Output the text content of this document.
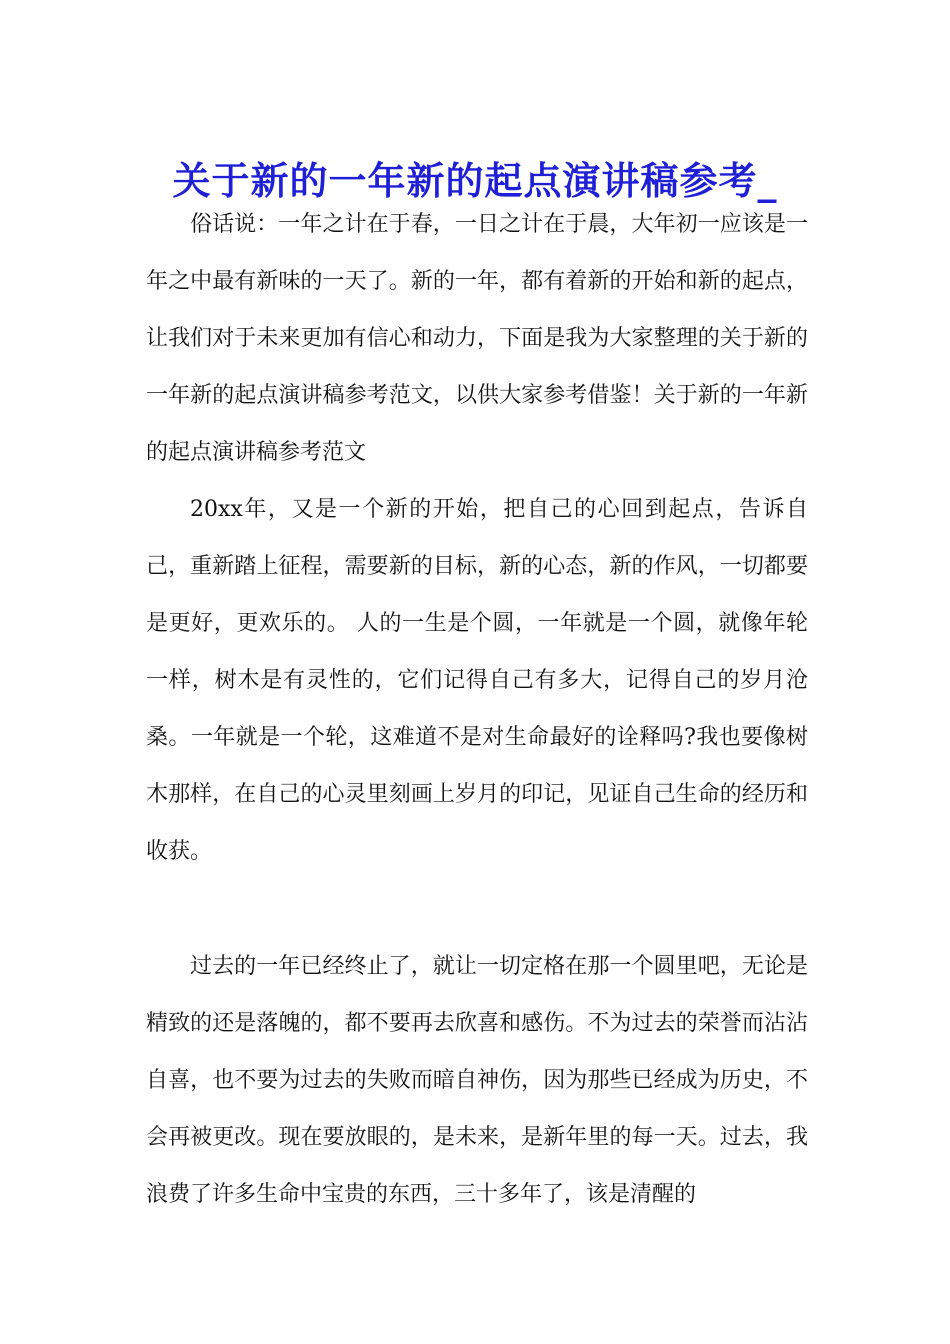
关于新的一年新的起点演讲稿参考_

俗话说：一年之计在于春，一日之计在于晨，大年初一应该是一年之中最有新味的一天了。新的一年，都有着新的开始和新的起点，让我们对于未来更加有信心和动力，下面是我为大家整理的关于新的一年新的起点演讲稿参考范文，以供大家参考借鉴！关于新的一年新的起点演讲稿参考范文

20xx年，又是一个新的开始，把自己的心回到起点，告诉自己，重新踏上征程，需要新的目标，新的心态，新的作风，一切都要是更好，更欢乐的。 人的一生是个圆，一年就是一个圆，就像年轮一样，树木是有灵性的，它们记得自己有多大，记得自己的岁月沧桑。一年就是一个轮，这难道不是对生命最好的诠释吗?我也要像树木那样，在自己的心灵里刻画上岁月的印记，见证自己生命的经历和收获。

过去的一年已经终止了，就让一切定格在那一个圆里吧，无论是精致的还是落魄的，都不要再去欣喜和感伤。不为过去的荣誉而沾沾自喜，也不要为过去的失败而暗自神伤，因为那些已经成为历史，不会再被更改。现在要放眼的，是未来，是新年里的每一天。过去，我浪费了许多生命中宝贵的东西，三十多年了，该是清醒的
